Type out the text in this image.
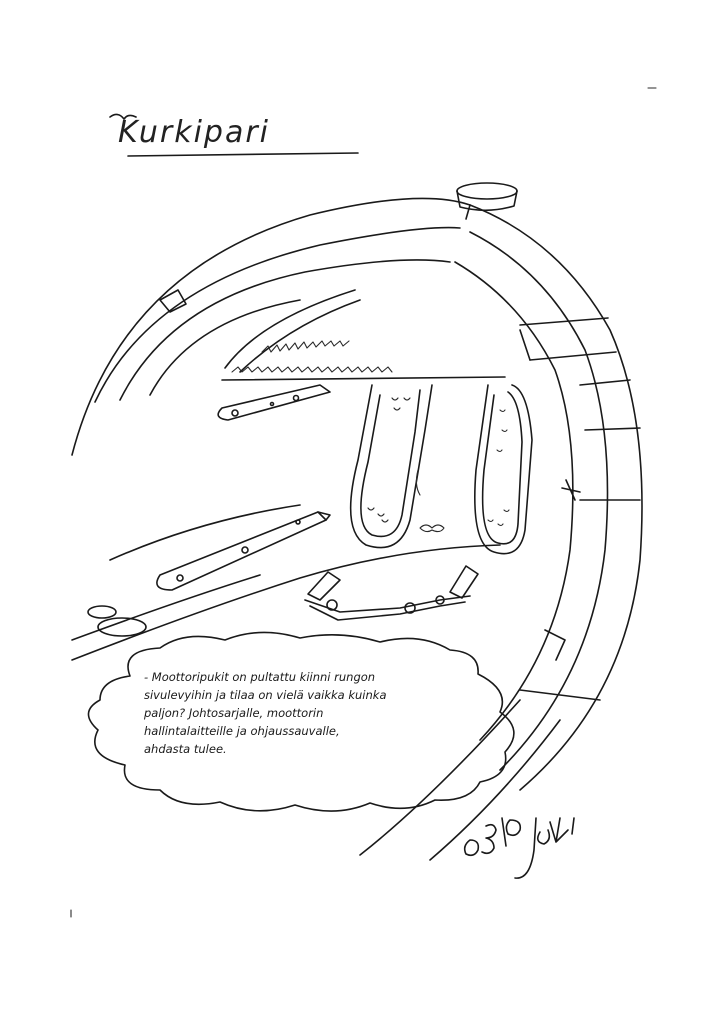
Kurkipari
- Moottoripukit on pultattu kiinni rungon
sivulevyihin ja tilaa on vielä vaikka kuinka
paljon? Johtosarjalle, moottorin
hallintalaitteille ja ohjaussauvalle,
ahdasta tulee.
